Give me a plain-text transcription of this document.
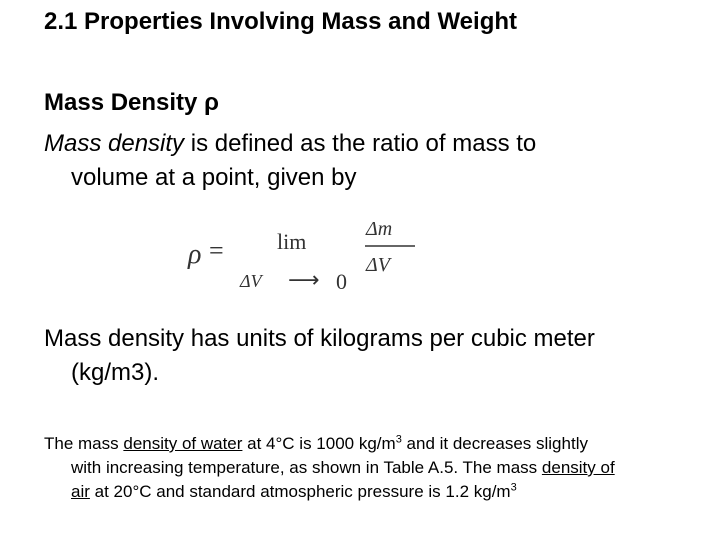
2.1 Properties Involving Mass and Weight
Mass Density ρ
Mass density is defined as the ratio of mass to
volume at a point, given by
ρ = lim
ΔV ⟶ 0
Δm
ΔV
Mass density has units of kilograms per cubic meter
(kg/m3).
The mass density of water at 4°C is 1000 $kg/m^3$ and it decreases slightly
with increasing temperature, as shown in Table A.5. The mass density of
air at 20°C and standard atmospheric pressure is 1.2 $kg/m^3$
